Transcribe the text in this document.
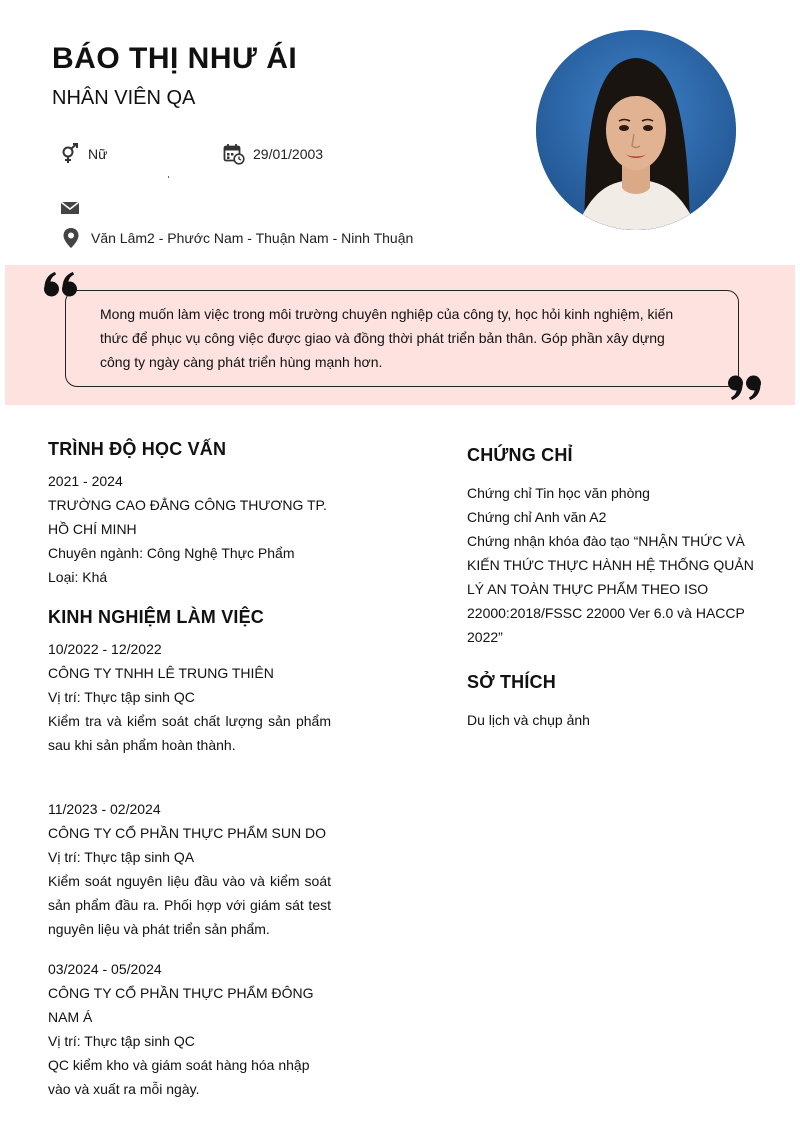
BÁO THỊ NHƯ ÁI
NHÂN VIÊN QA
Nữ	29/01/2003
Văn Lâm2 - Phước Nam - Thuận Nam - Ninh Thuận
Mong muốn làm việc trong môi trường chuyên nghiệp của công ty, học hỏi kinh nghiệm, kiến thức để phục vụ công việc được giao và đồng thời phát triển bản thân. Góp phần xây dựng công ty ngày càng phát triển hùng mạnh hơn.
TRÌNH ĐỘ HỌC VẤN
2021 - 2024
TRƯỜNG CAO ĐẲNG CÔNG THƯƠNG TP. HỒ CHÍ MINH
Chuyên ngành: Công Nghệ Thực Phẩm
Loại: Khá
KINH NGHIỆM LÀM VIỆC
10/2022 - 12/2022
CÔNG TY TNHH LÊ TRUNG THIÊN
Vị trí: Thực tập sinh QC
Kiểm tra và kiểm soát chất lượng sản phẩm sau khi sản phẩm hoàn thành.
11/2023 - 02/2024
CÔNG TY CỔ PHẦN THỰC PHẨM SUN DO
Vị trí: Thực tập sinh QA
Kiểm soát nguyên liệu đầu vào và kiểm soát sản phẩm đầu ra. Phối hợp với giám sát test nguyên liệu và phát triển sản phẩm.
03/2024 - 05/2024
CÔNG TY CỔ PHẦN THỰC PHẨM ĐÔNG NAM Á
Vị trí: Thực tập sinh QC
QC kiểm kho và giám soát hàng hóa nhập vào và xuất ra mỗi ngày.
CHỨNG CHỈ
Chứng chỉ Tin học văn phòng
Chứng chỉ Anh văn A2
Chứng nhận khóa đào tạo “NHẬN THỨC VÀ KIẾN THỨC THỰC HÀNH HỆ THỐNG QUẢN LÝ AN TOÀN THỰC PHẨM THEO ISO 22000:2018/FSSC 22000 Ver 6.0 và HACCP 2022”
SỞ THÍCH
Du lịch và chụp ảnh
